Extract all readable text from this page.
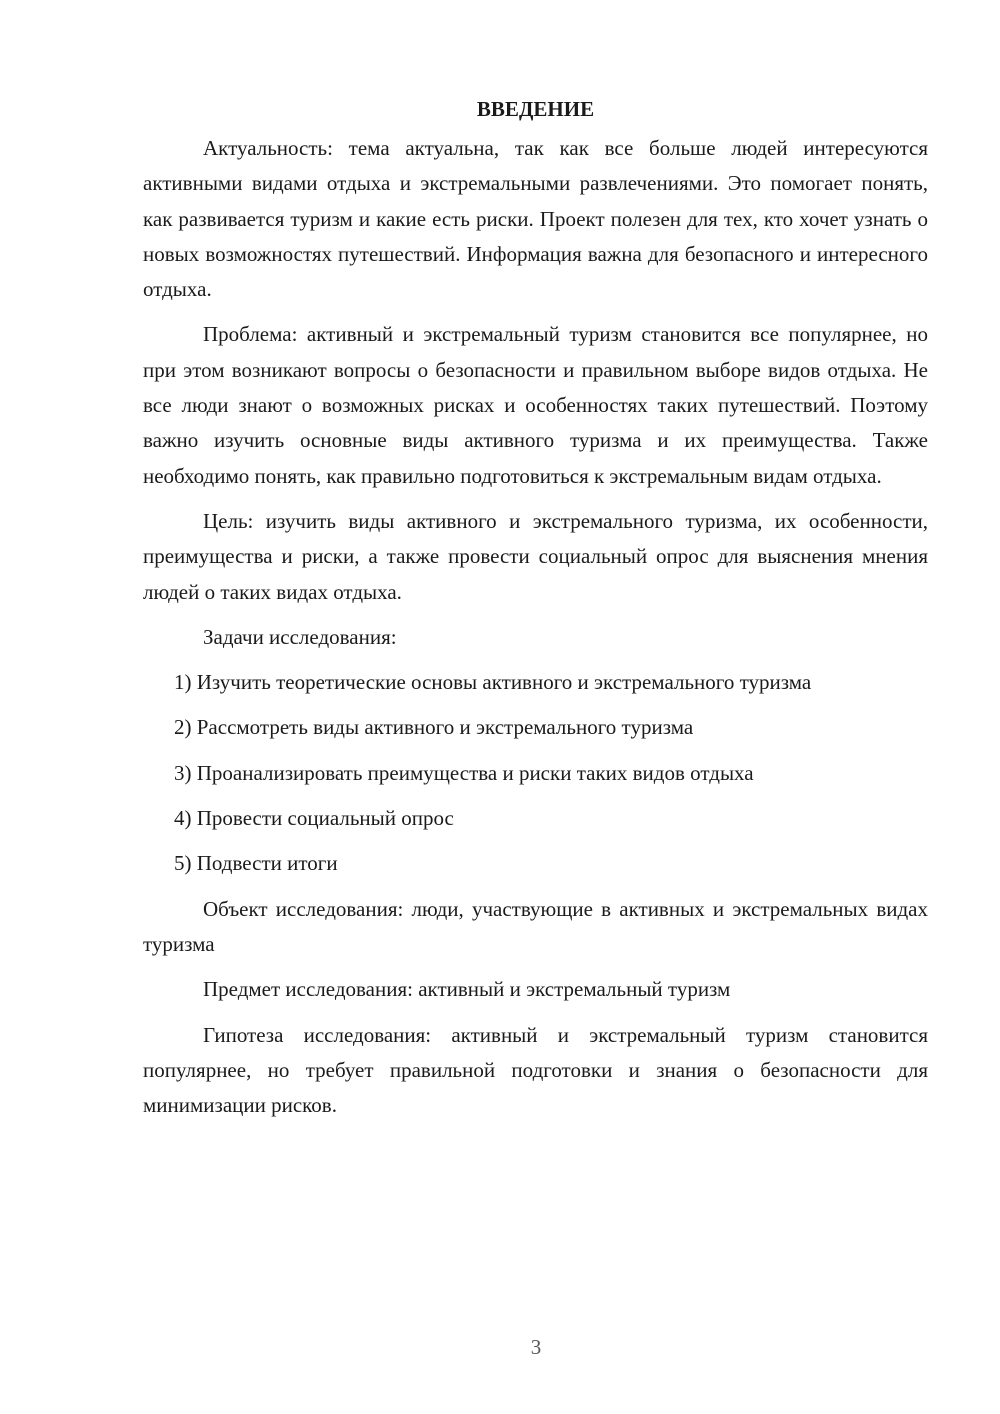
ВВЕДЕНИЕ

Актуальность: тема актуальна, так как все больше людей интересуются активными видами отдыха и экстремальными развлечениями. Это помогает понять, как развивается туризм и какие есть риски. Проект полезен для тех, кто хочет узнать о новых возможностях путешествий. Информация важна для безопасного и интересного отдыха.

Проблема: активный и экстремальный туризм становится все популярнее, но при этом возникают вопросы о безопасности и правильном выборе видов отдыха. Не все люди знают о возможных рисках и особенностях таких путешествий. Поэтому важно изучить основные виды активного туризма и их преимущества. Также необходимо понять, как правильно подготовиться к экстремальным видам отдыха.

Цель: изучить виды активного и экстремального туризма, их особенности, преимущества и риски, а также провести социальный опрос для выяснения мнения людей о таких видах отдыха.

Задачи исследования:

1) Изучить теоретические основы активного и экстремального туризма
2) Рассмотреть виды активного и экстремального туризма
3) Проанализировать преимущества и риски таких видов отдыха
4) Провести социальный опрос
5) Подвести итоги

Объект исследования: люди, участвующие в активных и экстремальных видах туризма

Предмет исследования: активный и экстремальный туризм

Гипотеза исследования: активный и экстремальный туризм становится популярнее, но требует правильной подготовки и знания о безопасности для минимизации рисков.

3
